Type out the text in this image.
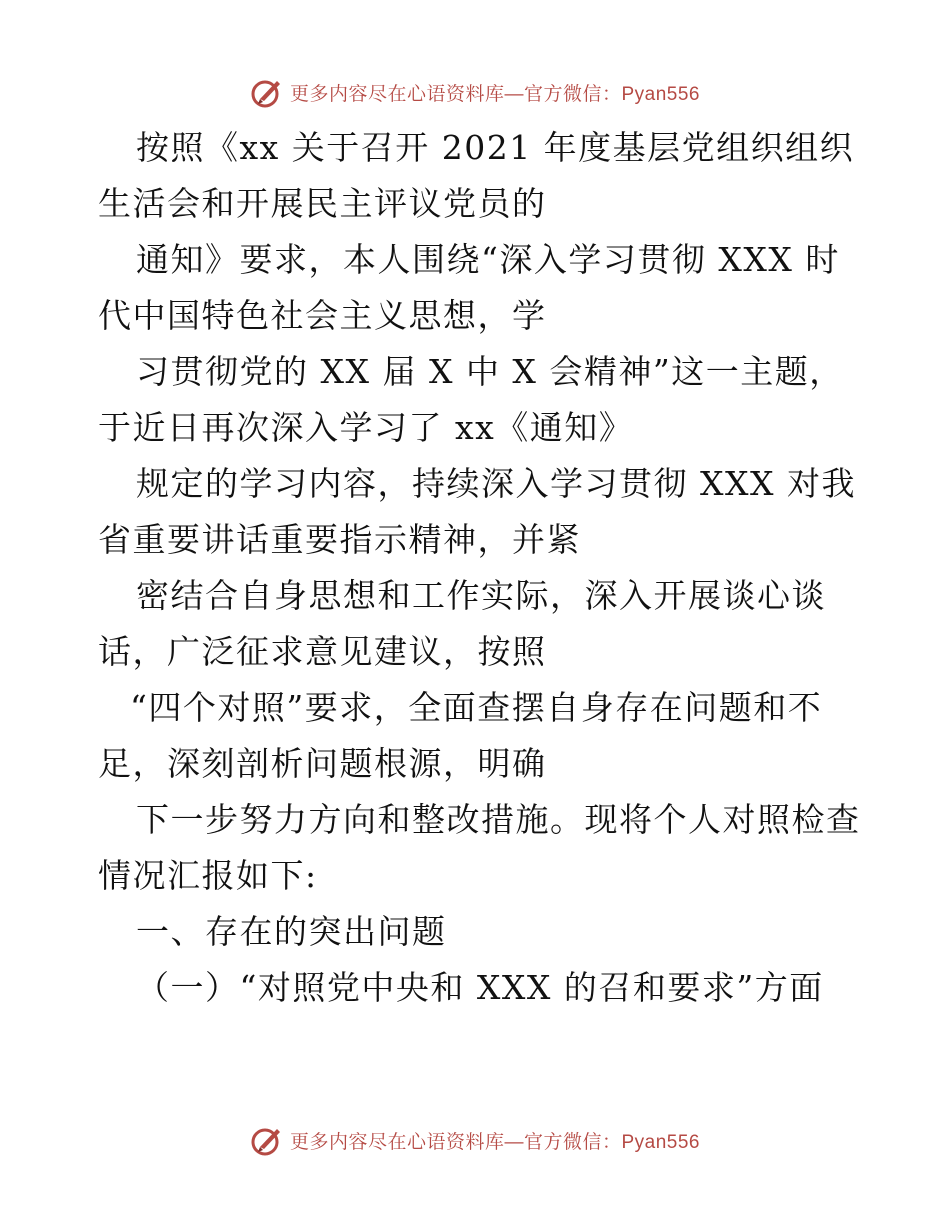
更多内容尽在心语资料库—官方微信：Pyan556
按照《xx 关于召开 2021 年度基层党组织组织
生活会和开展民主评议党员的
通知》要求，本人围绕“深入学习贯彻 XXX 时
代中国特色社会主义思想，学
习贯彻党的 XX 届 X 中 X 会精神”这一主题，
于近日再次深入学习了 xx《通知》
规定的学习内容，持续深入学习贯彻 XXX 对我
省重要讲话重要指示精神，并紧
密结合自身思想和工作实际，深入开展谈心谈
话，广泛征求意见建议，按照
“四个对照”要求，全面查摆自身存在问题和不
足，深刻剖析问题根源，明确
下一步努力方向和整改措施。现将个人对照检查
情况汇报如下:
一、存在的突出问题
（一）“对照党中央和 XXX 的召和要求”方面
更多内容尽在心语资料库—官方微信：Pyan556
